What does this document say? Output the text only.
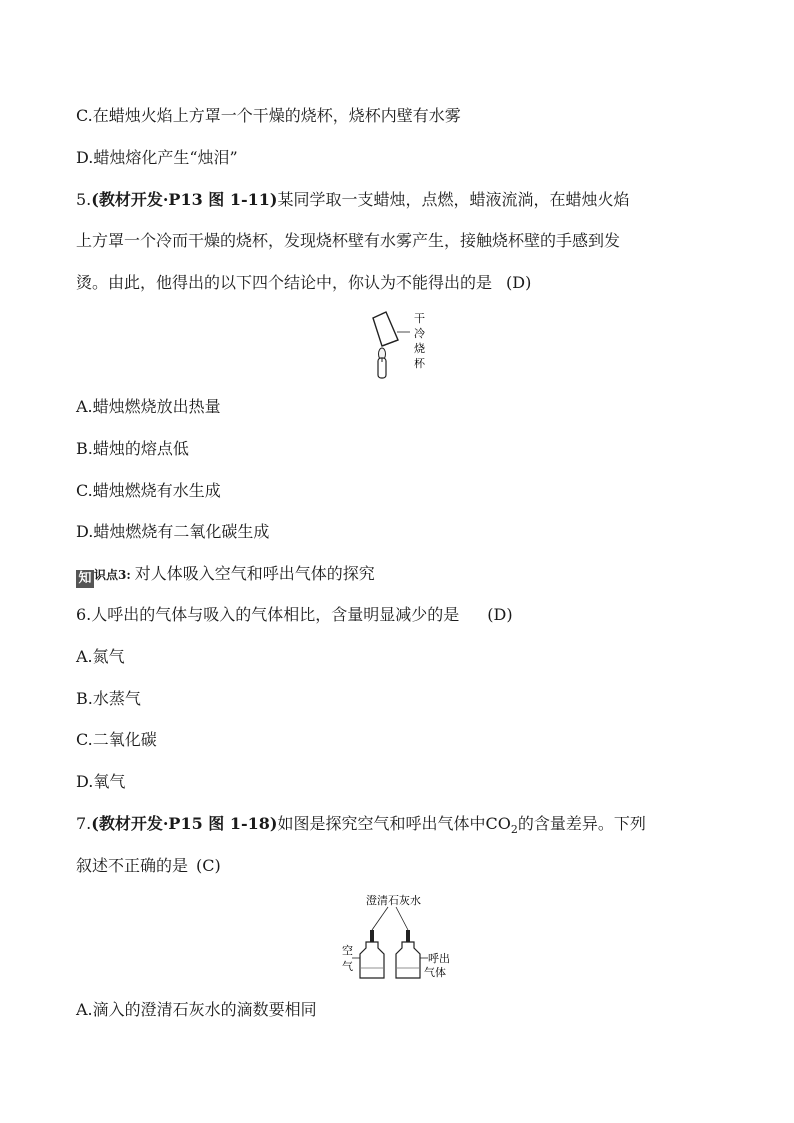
C.在蜡烛火焰上方罩一个干燥的烧杯，烧杯内壁有水雾
D.蜡烛熔化产生“烛泪”
5.(教材开发·P13 图 1-11)某同学取一支蜡烛，点燃，蜡液流淌，在蜡烛火焰
上方罩一个冷而干燥的烧杯，发现烧杯壁有水雾产生，接触烧杯壁的手感到发
烫。由此，他得出的以下四个结论中，你认为不能得出的是 (D)
干
冷
烧
杯
A.蜡烛燃烧放出热量
B.蜡烛的熔点低
C.蜡烛燃烧有水生成
D.蜡烛燃烧有二氧化碳生成
知 识点3: 对人体吸入空气和呼出气体的探究
6.人呼出的气体与吸入的气体相比，含量明显减少的是 (D)
A.氮气
B.水蒸气
C.二氧化碳
D.氧气
7.(教材开发·P15 图 1-18)如图是探究空气和呼出气体中$CO_2$的含量差异。下列
叙述不正确的是 (C)
澄清石灰水
空
气
呼出
气体
A.滴入的澄清石灰水的滴数要相同
